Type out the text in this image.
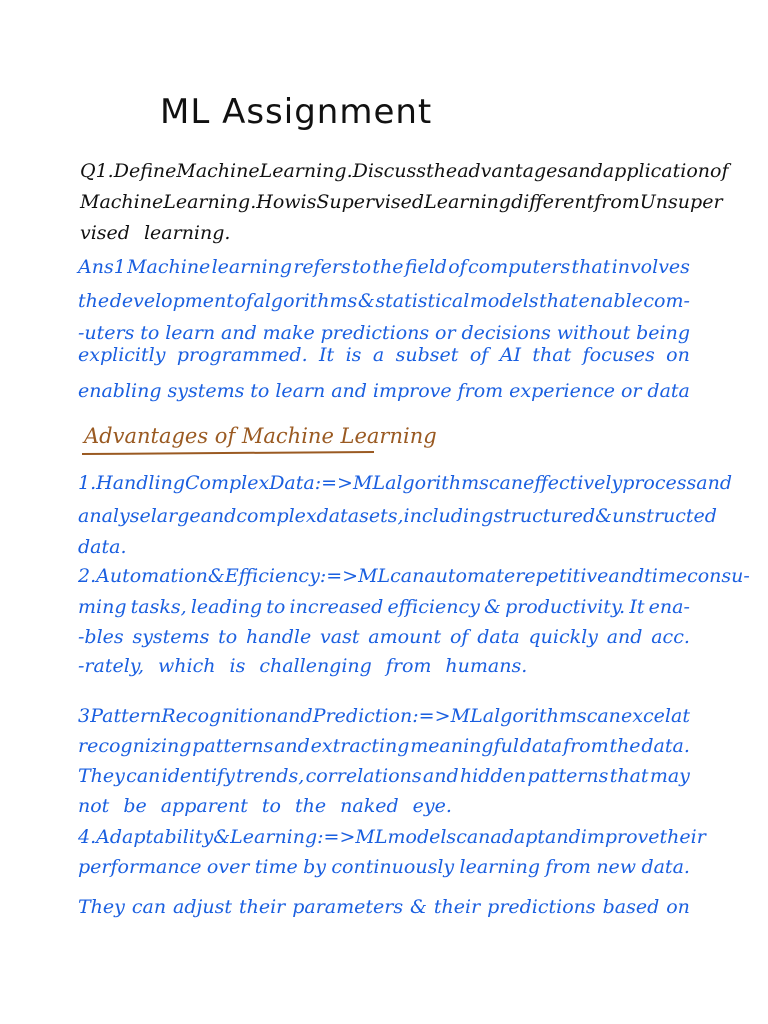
ML Assignment
Q1. Define Machine Learning. Discuss the advantages and application of
Machine Learning. How is Supervised Learning different from Unsuper
vised learning.
Ans1 Machine learning refers to the field of computers that involves
the development of algorithms & statistical models that enable com-
-uters to learn and make predictions or decisions without being
explicitly programmed. It is a subset of AI that focuses on
enabling systems to learn and improve from experience or data
Advantages of Machine Learning
1. Handling Complex Data :=> ML algorithms can effectively process and
analyse large and complex datasets, including structured & unstructed
data.
2. Automation & Efficiency :=> ML can automate repetitive and time consu-
ming tasks, leading to increased efficiency & productivity. It ena-
-bles systems to handle vast amount of data quickly and acc.
-rately, which is challenging from humans.
3 Pattern Recognition and Prediction :=> ML algorithms can excel at
recognizing patterns and extracting meaningful data from the data.
They can identify trends, correlations and hidden patterns that may
not be apparent to the naked eye.
4. Adaptability & Learning :=> ML models can adapt and improve their
performance over time by continuously learning from new data.
They can adjust their parameters & their predictions based on
